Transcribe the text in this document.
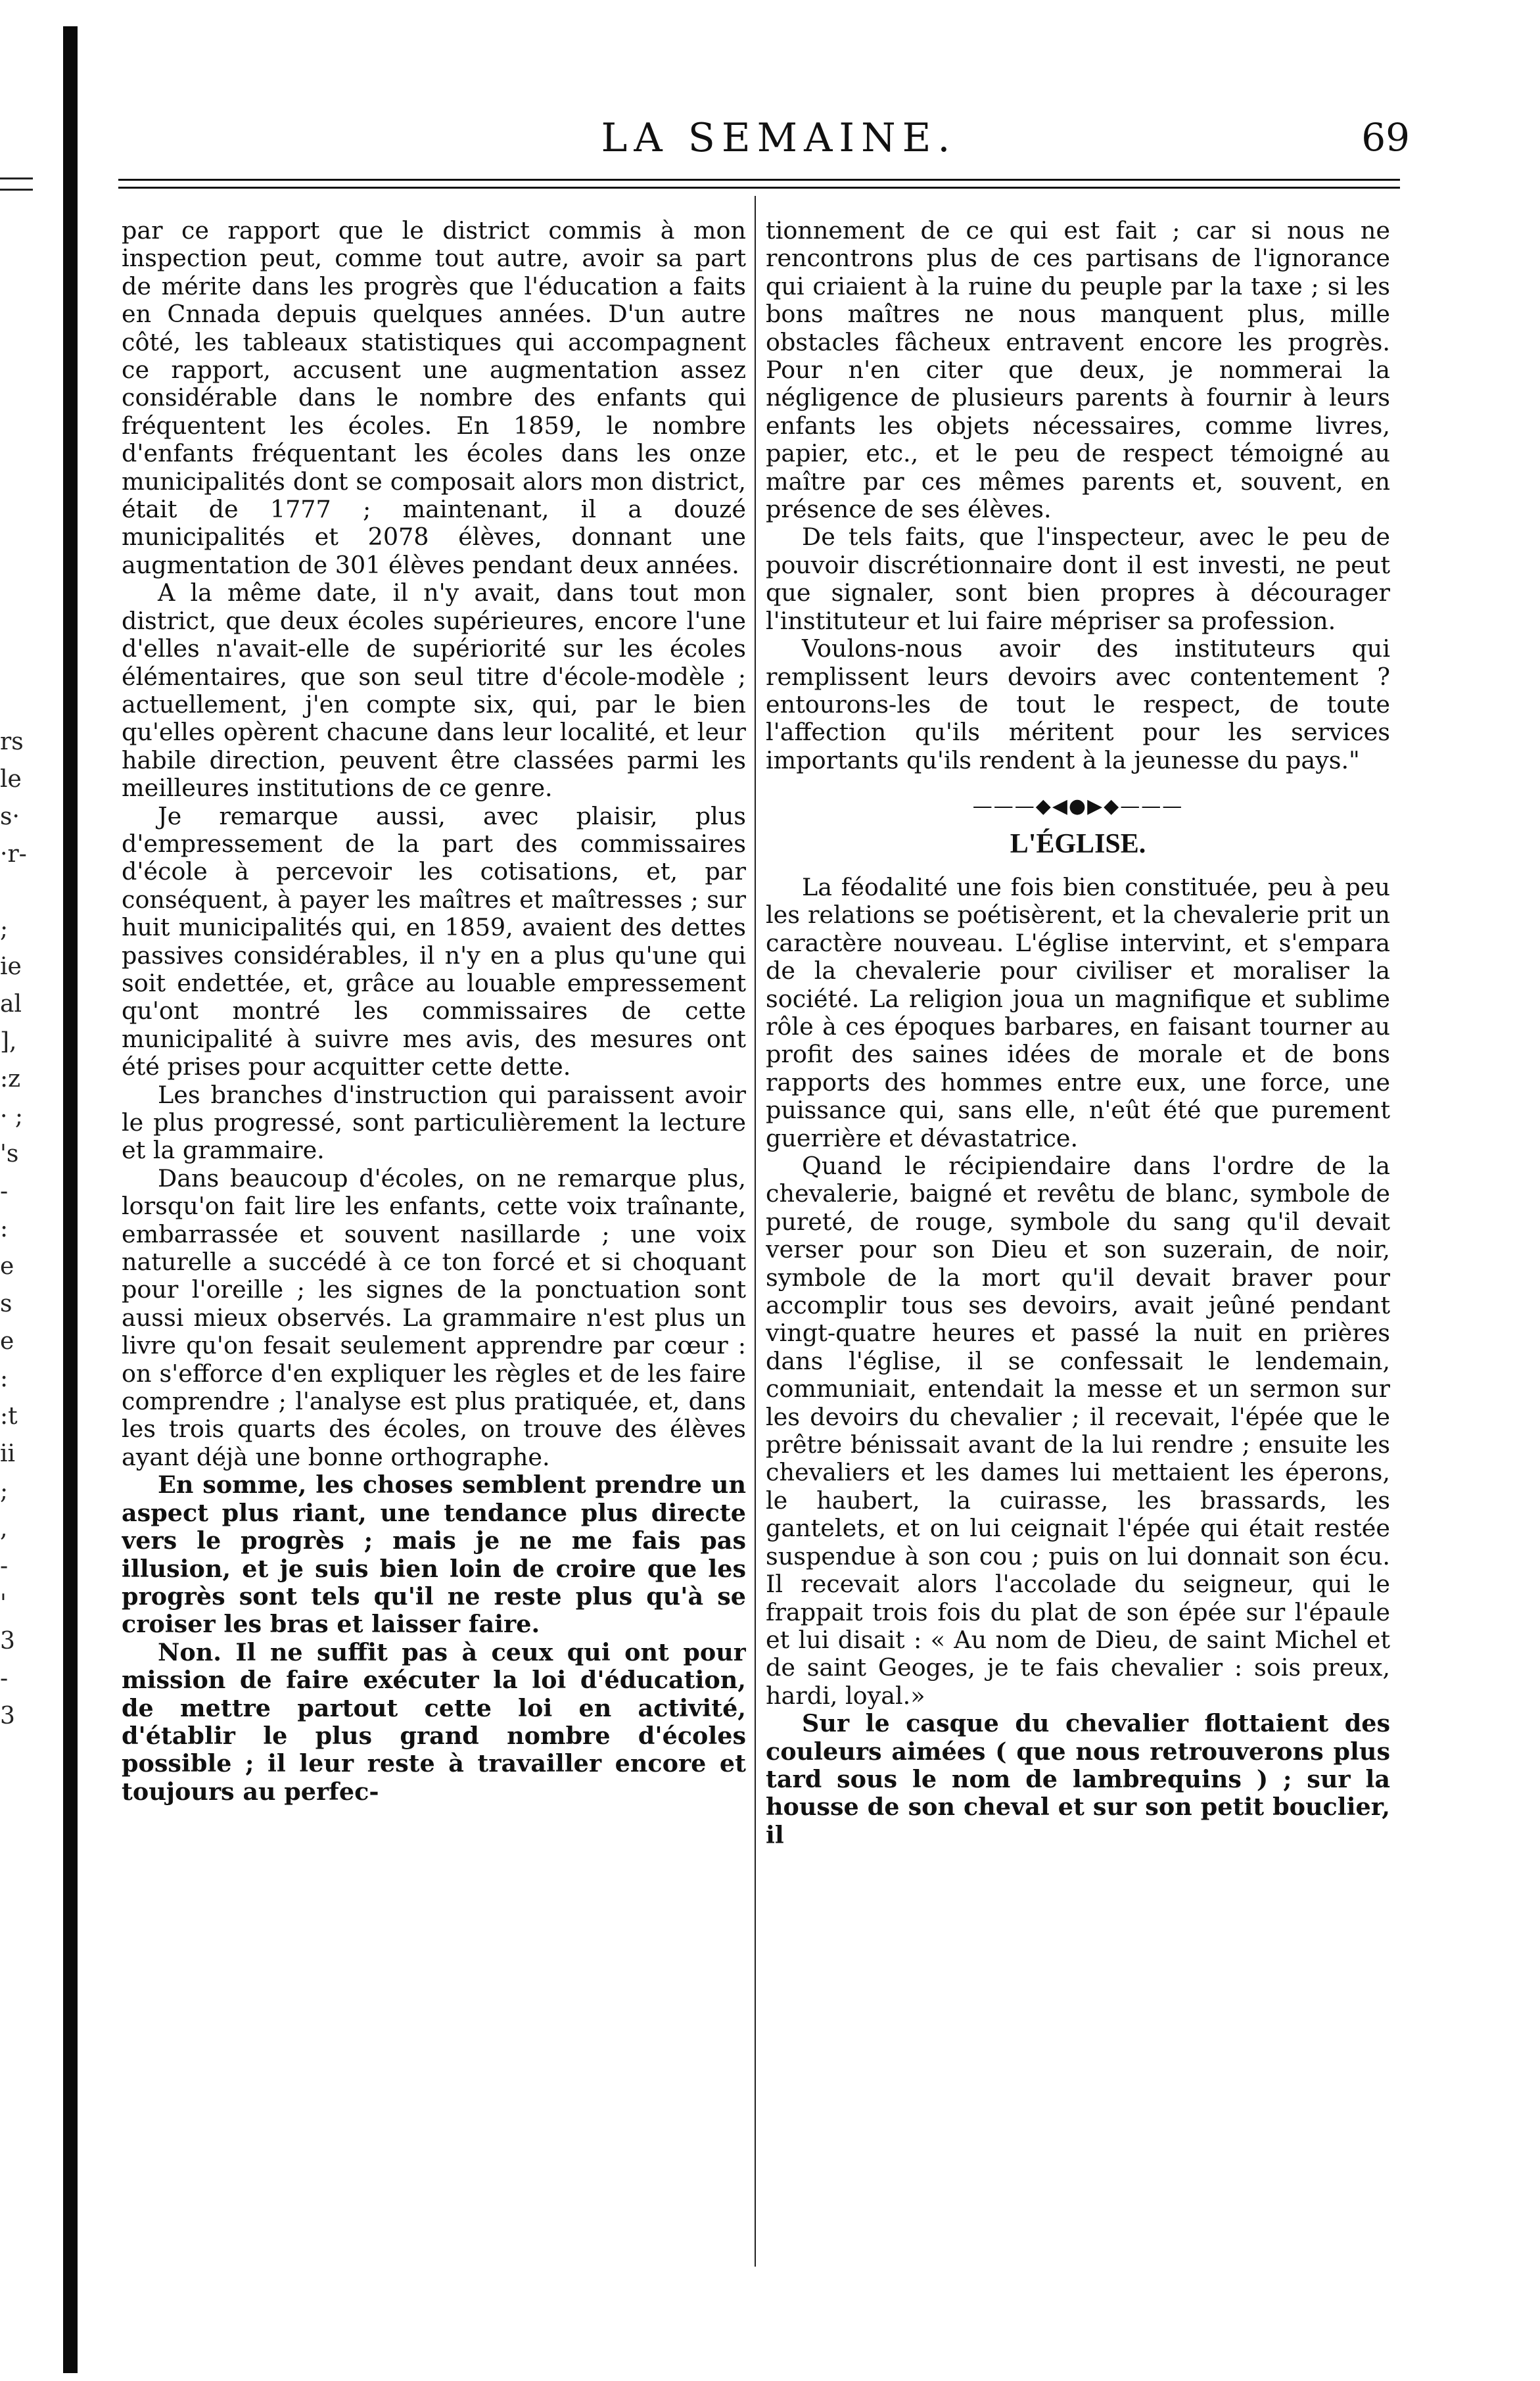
rs
le
s·
·r-

;
ie
al
],
:z
· ;
's
-
:
e
s
e
:
:t
ii
;
,
-
'
3
-
3

LA SEMAINE.	69

par ce rapport que le district commis à mon inspection peut, comme tout autre, avoir sa part de mérite dans les progrès que l'éducation a faits en Cnnada depuis quelques années. D'un autre côté, les tableaux statistiques qui accompagnent ce rapport, accusent une augmentation assez considérable dans le nombre des enfants qui fréquentent les écoles. En 1859, le nombre d'enfants fréquentant les écoles dans les onze municipalités dont se composait alors mon district, était de 1777 ; maintenant, il a douzé municipalités et 2078 élèves, donnant une augmentation de 301 élèves pendant deux années.

A la même date, il n'y avait, dans tout mon district, que deux écoles supérieures, encore l'une d'elles n'avait-elle de supériorité sur les écoles élémentaires, que son seul titre d'école-modèle ; actuellement, j'en compte six, qui, par le bien qu'elles opèrent chacune dans leur localité, et leur habile direction, peuvent être classées parmi les meilleures institutions de ce genre.

Je remarque aussi, avec plaisir, plus d'empressement de la part des commissaires d'école à percevoir les cotisations, et, par conséquent, à payer les maîtres et maîtresses ; sur huit municipalités qui, en 1859, avaient des dettes passives considérables, il n'y en a plus qu'une qui soit endettée, et, grâce au louable empressement qu'ont montré les commissaires de cette municipalité à suivre mes avis, des mesures ont été prises pour acquitter cette dette.

Les branches d'instruction qui paraissent avoir le plus progressé, sont particulièrement la lecture et la grammaire.

Dans beaucoup d'écoles, on ne remarque plus, lorsqu'on fait lire les enfants, cette voix traînante, embarrassée et souvent nasillarde ; une voix naturelle a succédé à ce ton forcé et si choquant pour l'oreille ; les signes de la ponctuation sont aussi mieux observés. La grammaire n'est plus un livre qu'on fesait seulement apprendre par cœur : on s'efforce d'en expliquer les règles et de les faire comprendre ; l'analyse est plus pratiquée, et, dans les trois quarts des écoles, on trouve des élèves ayant déjà une bonne orthographe.

En somme, les choses semblent prendre un aspect plus riant, une tendance plus directe vers le progrès ; mais je ne me fais pas illusion, et je suis bien loin de croire que les progrès sont tels qu'il ne reste plus qu'à se croiser les bras et laisser faire.

Non. Il ne suffit pas à ceux qui ont pour mission de faire exécuter la loi d'éducation, de mettre partout cette loi en activité, d'établir le plus grand nombre d'écoles possible ; il leur reste à travailler encore et toujours au perfec-

tionnement de ce qui est fait ; car si nous ne rencontrons plus de ces partisans de l'ignorance qui criaient à la ruine du peuple par la taxe ; si les bons maîtres ne nous manquent plus, mille obstacles fâcheux entravent encore les progrès. Pour n'en citer que deux, je nommerai la négligence de plusieurs parents à fournir à leurs enfants les objets nécessaires, comme livres, papier, etc., et le peu de respect témoigné au maître par ces mêmes parents et, souvent, en présence de ses élèves.

De tels faits, que l'inspecteur, avec le peu de pouvoir discrétionnaire dont il est investi, ne peut que signaler, sont bien propres à décourager l'instituteur et lui faire mépriser sa profession.

Voulons-nous avoir des instituteurs qui remplissent leurs devoirs avec contentement ? entourons-les de tout le respect, de toute l'affection qu'ils méritent pour les services importants qu'ils rendent à la jeunesse du pays."

———◆◀●▶◆———
L'ÉGLISE.

La féodalité une fois bien constituée, peu à peu les relations se poétisèrent, et la chevalerie prit un caractère nouveau. L'église intervint, et s'empara de la chevalerie pour civiliser et moraliser la société. La religion joua un magnifique et sublime rôle à ces époques barbares, en faisant tourner au profit des saines idées de morale et de bons rapports des hommes entre eux, une force, une puissance qui, sans elle, n'eût été que purement guerrière et dévastatrice.

Quand le récipiendaire dans l'ordre de la chevalerie, baigné et revêtu de blanc, symbole de pureté, de rouge, symbole du sang qu'il devait verser pour son Dieu et son suzerain, de noir, symbole de la mort qu'il devait braver pour accomplir tous ses devoirs, avait jeûné pendant vingt-quatre heures et passé la nuit en prières dans l'église, il se confessait le lendemain, communiait, entendait la messe et un sermon sur les devoirs du chevalier ; il recevait, l'épée que le prêtre bénissait avant de la lui rendre ; ensuite les chevaliers et les dames lui mettaient les éperons, le haubert, la cuirasse, les brassards, les gantelets, et on lui ceignait l'épée qui était restée suspendue à son cou ; puis on lui donnait son écu. Il recevait alors l'accolade du seigneur, qui le frappait trois fois du plat de son épée sur l'épaule et lui disait : « Au nom de Dieu, de saint Michel et de saint Geoges, je te fais chevalier : sois preux, hardi, loyal.»

Sur le casque du chevalier flottaient des couleurs aimées ( que nous retrouverons plus tard sous le nom de lambrequins ) ; sur la housse de son cheval et sur son petit bouclier, il
